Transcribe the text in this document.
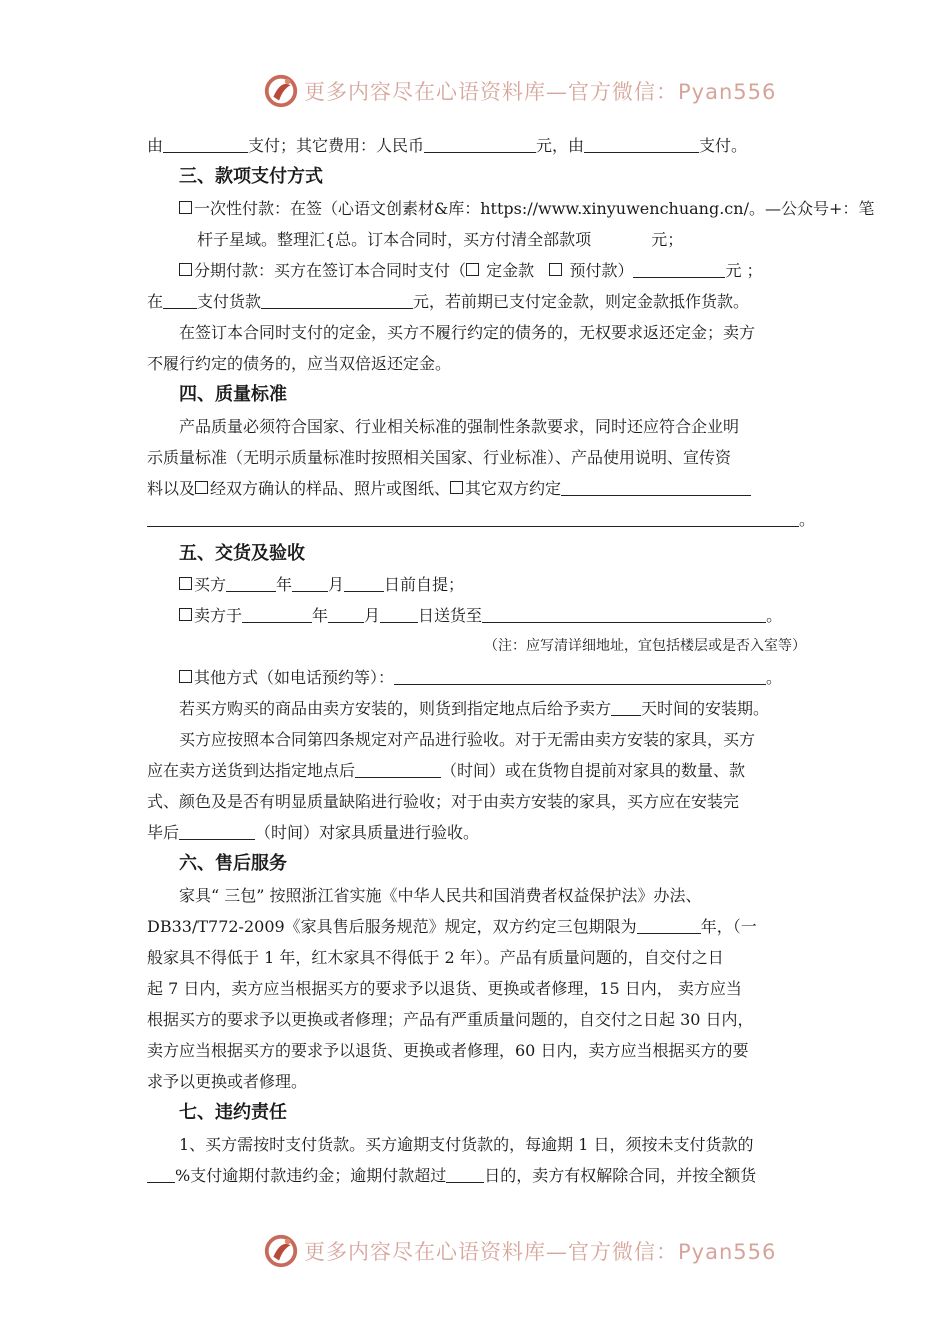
更多内容尽在心语资料库—官方微信：Pyan556
由	支付；其它费用：人民币	元，由	支付。
三、款项支付方式
一次性付款：在签（心语文创素材&库：https://www.xinyuwenchuang.cn/。—公众号+：笔
杆子星域。整理汇{总。订本合同时，买方付清全部款项	元；
分期付款：买方在签订本合同时支付（ 定金款    预付款）	元 ；
在 支付货款	元，若前期已支付定金款，则定金款抵作货款。
在签订本合同时支付的定金，买方不履行约定的债务的，无权要求返还定金；卖方
不履行约定的债务的，应当双倍返还定金。
四、质量标准
产品质量必须符合国家、行业相关标准的强制性条款要求，同时还应符合企业明
示质量标准（无明示质量标准时按照相关国家、行业标准）、产品使用说明、宣传资
料以及 经双方确认的样品、照片或图纸、 其它双方约定
。
五、交货及验收
买方	年 月	日前自提；
卖方于	年 月 日送货至	。
（注：应写清详细地址，宜包括楼层或是否入室等）
其他方式（如电话预约等）：	。
若买方购买的商品由卖方安装的，则货到指定地点后给予卖方 天时间的安装期。
买方应按照本合同第四条规定对产品进行验收。对于无需由卖方安装的家具，买方
应在卖方送货到达指定地点后	（时间）或在货物自提前对家具的数量、款
式、颜色及是否有明显质量缺陷进行验收；对于由卖方安装的家具，买方应在安装完
毕后	（时间）对家具质量进行验收。
六、售后服务
家具“ 三包” 按照浙江省实施《中华人民共和国消费者权益保护法》办法、
DB33/T772-2009《家具售后服务规范》规定，双方约定三包期限为	年，（一
般家具不得低于 1 年，红木家具不得低于 2 年）。产品有质量问题的，自交付之日
起 7 日内，卖方应当根据买方的要求予以退货、更换或者修理，15 日内， 卖方应当
根据买方的要求予以更换或者修理；产品有严重质量问题的，自交付之日起 30 日内，
卖方应当根据买方的要求予以退货、更换或者修理，60 日内，卖方应当根据买方的要
求予以更换或者修理。
七、违约责任
1、买方需按时支付货款。买方逾期支付货款的，每逾期 1 日，须按未支付货款的
%支付逾期付款违约金；逾期付款超过 日的，卖方有权解除合同，并按全额货
更多内容尽在心语资料库—官方微信：Pyan556
